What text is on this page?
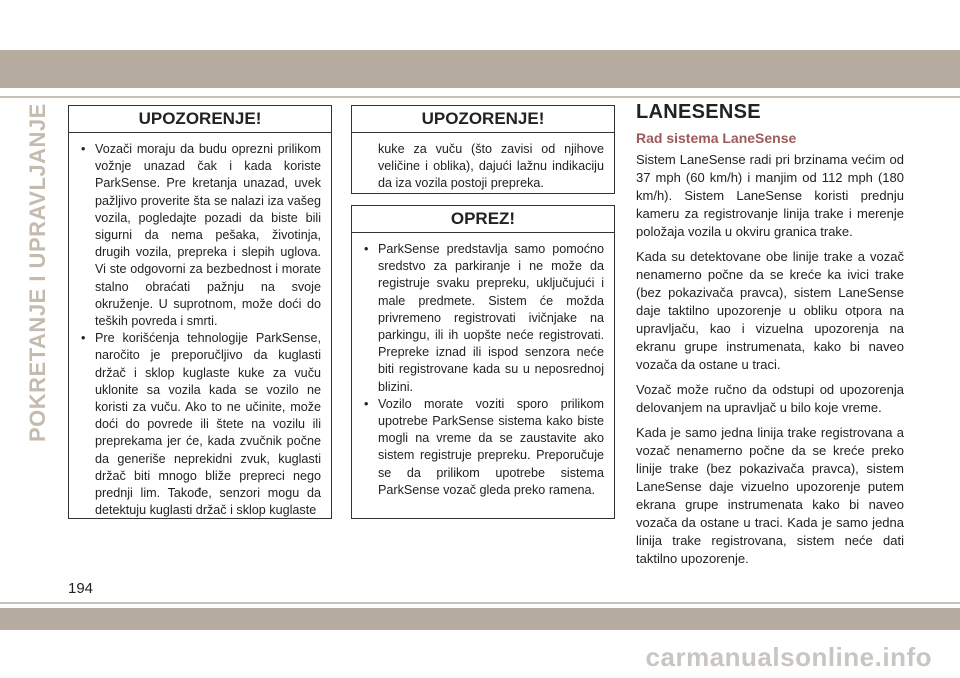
POKRETANJE I UPRAVLJANJE	UPOZORENJE!

• Vozači moraju da budu oprezni prilikom vožnje unazad čak i kada koriste ParkSense. Pre kretanja unazad, uvek pažljivo proverite šta se nalazi iza vašeg vozila, pogledajte pozadi da biste bili sigurni da nema pešaka, životinja, drugih vozila, prepreka i slepih uglova. Vi ste odgovorni za bezbednost i morate stalno obraćati pažnju na svoje okruženje. U suprotnom, može doći do teških povreda i smrti.

• Pre korišćenja tehnologije ParkSense, naročito je preporučljivo da kuglasti držač i sklop kuglaste kuke za vuču uklonite sa vozila kada se vozilo ne koristi za vuču. Ako to ne učinite, može doći do povrede ili štete na vozilu ili preprekama jer će, kada zvučnik počne da generiše neprekidni zvuk, kuglasti držač biti mnogo bliže prepreci nego prednji lim. Takođe, senzori mogu da detektuju kuglasti držač i sklop kuglaste

UPOZORENJE!

kuke za vuču (što zavisi od njihove veličine i oblika), dajući lažnu indikaciju da iza vozila postoji prepreka.

OPREZ!

• ParkSense predstavlja samo pomoćno sredstvo za parkiranje i ne može da registruje svaku prepreku, uključujući i male predmete. Sistem će možda privremeno registrovati ivičnjake na parkingu, ili ih uopšte neće registrovati. Prepreke iznad ili ispod senzora neće biti registrovane kada su u neposrednoj blizini.

• Vozilo morate voziti sporo prilikom upotrebe ParkSense sistema kako biste mogli na vreme da se zaustavite ako sistem registruje prepreku. Preporučuje se da prilikom upotrebe sistema ParkSense vozač gleda preko ramena.

LANESENSE
Rad sistema LaneSense

Sistem LaneSense radi pri brzinama većim od 37 mph (60 km/h) i manjim od 112 mph (180 km/h). Sistem LaneSense koristi prednju kameru za registrovanje linija trake i merenje položaja vozila u okviru granica trake.

Kada su detektovane obe linije trake a vozač nenamerno počne da se kreće ka ivici trake (bez pokazivača pravca), sistem LaneSense daje taktilno upozorenje u obliku otpora na upravljaču, kao i vizuelna upozorenja na ekranu grupe instrumenata, kako bi naveo vozača da ostane u traci.

Vozač može ručno da odstupi od upozorenja delovanjem na upravljač u bilo koje vreme.

Kada je samo jedna linija trake registrovana a vozač nenamerno počne da se kreće preko linije trake (bez pokazivača pravca), sistem LaneSense daje vizuelno upozorenje putem ekrana grupe instrumenata kako bi naveo vozača da ostane u traci. Kada je samo jedna linija trake registrovana, sistem neće dati taktilno upozorenje.

194
carmanualsonline.info
